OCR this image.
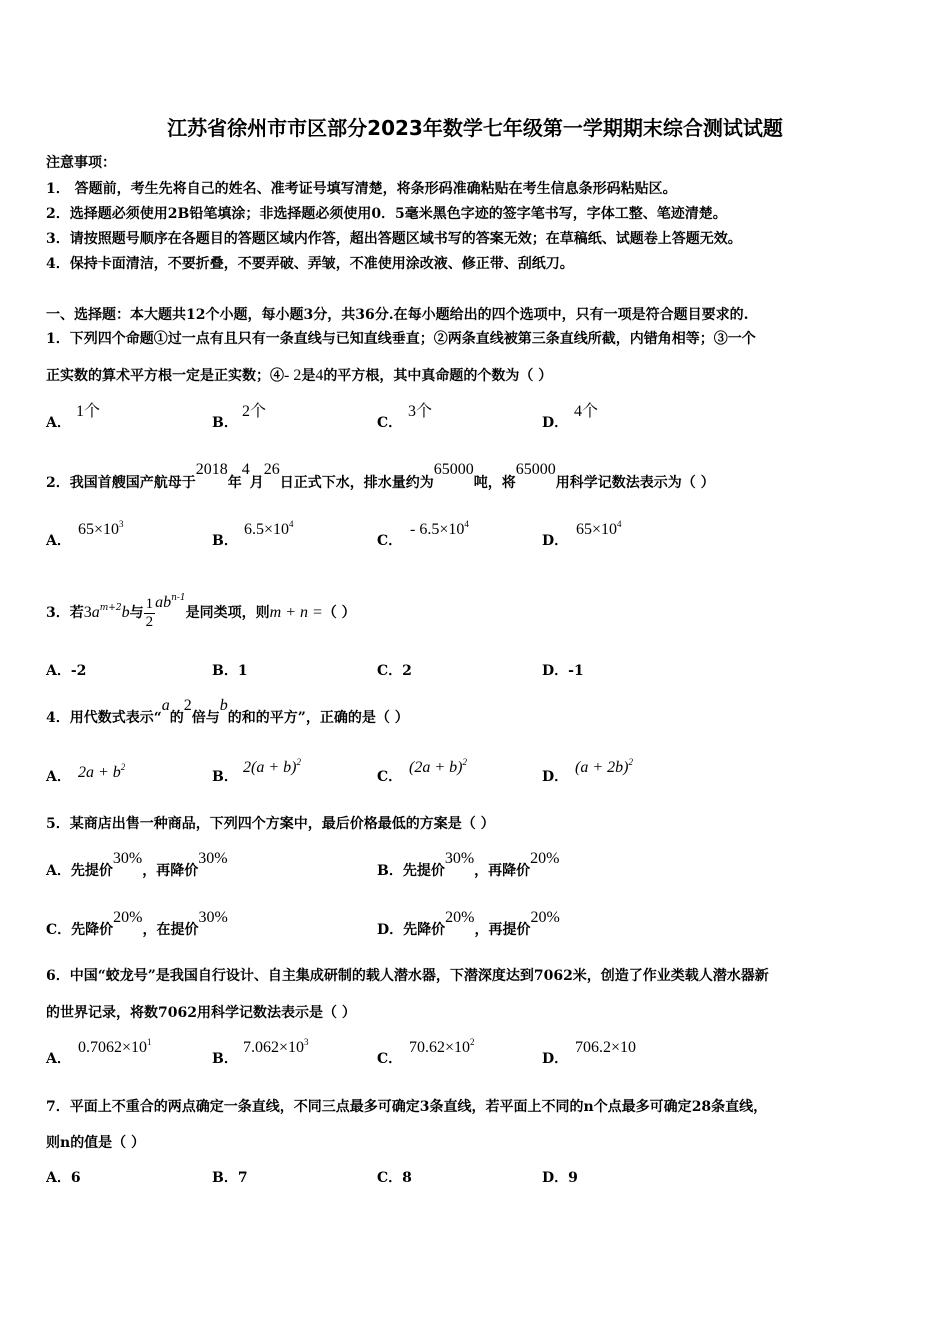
江苏省徐州市市区部分2023年数学七年级第一学期期末综合测试试题
注意事项：
1． 答题前，考生先将自己的姓名、准考证号填写清楚，将条形码准确粘贴在考生信息条形码粘贴区。
2．选择题必须使用2B铅笔填涂；非选择题必须使用0．5毫米黑色字迹的签字笔书写，字体工整、笔迹清楚。
3．请按照题号顺序在各题目的答题区域内作答，超出答题区域书写的答案无效；在草稿纸、试题卷上答题无效。
4．保持卡面清洁，不要折叠，不要弄破、弄皱，不准使用涂改液、修正带、刮纸刀。
一、选择题：本大题共12个小题，每小题3分，共36分.在每小题给出的四个选项中，只有一项是符合题目要求的.
1．下列四个命题①过一点有且只有一条直线与已知直线垂直；②两条直线被第三条直线所截，内错角相等；③一个
正实数的算术平方根一定是正实数；④- 2是4的平方根，其中真命题的个数为（ ）
A．
1个
B．
2个
C．
3个
D．
4个
2．我国首艘国产航母于2018年4月26日正式下水，排水量约为65000吨，将65000用科学记数法表示为（ ）
A．
$65\times 10^3$
B．
$6.5\times 10^4$
C．
- $6.5\times 10^4$
D．
$65\times 10^4$
3．若$3a^{m+2}b$与 $\frac{1}{2} ab^{n-1}$是同类项，则m + n =（ ）
A．-2	B．1	C．2	D．-1
4．用代数式表示“a的2倍与b的和的平方”，正确的是（ ）
A． $2a + b^2$
B．
$2(a + b)^2$
C．
$(2a + b)^2$
D．
$(a + 2b)^2$
5．某商店出售一种商品，下列四个方案中，最后价格最低的方案是（ ）
A．先提价30%，再降价30%
B．先提价30%，再降价20%
C．先降价20%，在提价30%
D．先降价20%，再提价20%
6．中国“蛟龙号”是我国自行设计、自主集成研制的载人潜水器，下潜深度达到7062米，创造了作业类载人潜水器新
的世界记录，将数7062用科学记数法表示是（ ）
A．
$0.7062\times 10^1$
B．
$7.062\times 10^3$
C．
$70.62\times 10^2$
D．
706.2×10
7．平面上不重合的两点确定一条直线，不同三点最多可确定3条直线，若平面上不同的n个点最多可确定28条直线，
则n的值是（ ）
A．6	B．7	C．8	D．9
